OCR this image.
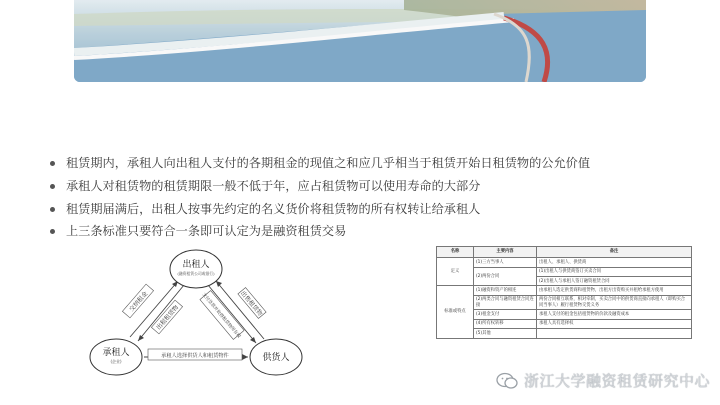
租赁期内，承租人向出租人支付的各期租金的现值之和应几乎相当于租赁开始日租赁物的公允价值
承租人对租赁物的租赁期限一般不低于年，应占租赁物可以使用寿命的大部分
租赁期届满后，出租人按事先约定的名义货价将租赁物的所有权转让给承租人
上三条标准只要符合一条即可认定为是融资租赁交易
交纳租金
出租租赁物	支付货款并取得租赁物所有权
出售租赁物
承租人选择供货人和租赁物件
出租人
(融资租赁公司或银行)
承租人
(企业)	供货人
名称	主要内容	备注
定义	(1)三方当事人	出租人、承租人、供货商
	(2)两份合同	(1)出租人与供货商签订买卖合同
		(2)出租人与承租人签订融资租赁合同
标准或特点	(1)融资和资产的相连	由承租人选定供货商和租赁物，出租方出资购买并租给承租方使用
	(2)两类合同与融资租赁合同连接	两份合同相互联系，相对牵制，买卖合同中的供货商直接向承租人（即购买合同当事人）履行租赁物交货义务
	(3)租金支付	承租人支付的租金包括租赁物的价款及融资成本
	(4)所有权转移	承租人具有选择权
	(5)其他	
浙江大学融资租赁研究中心
